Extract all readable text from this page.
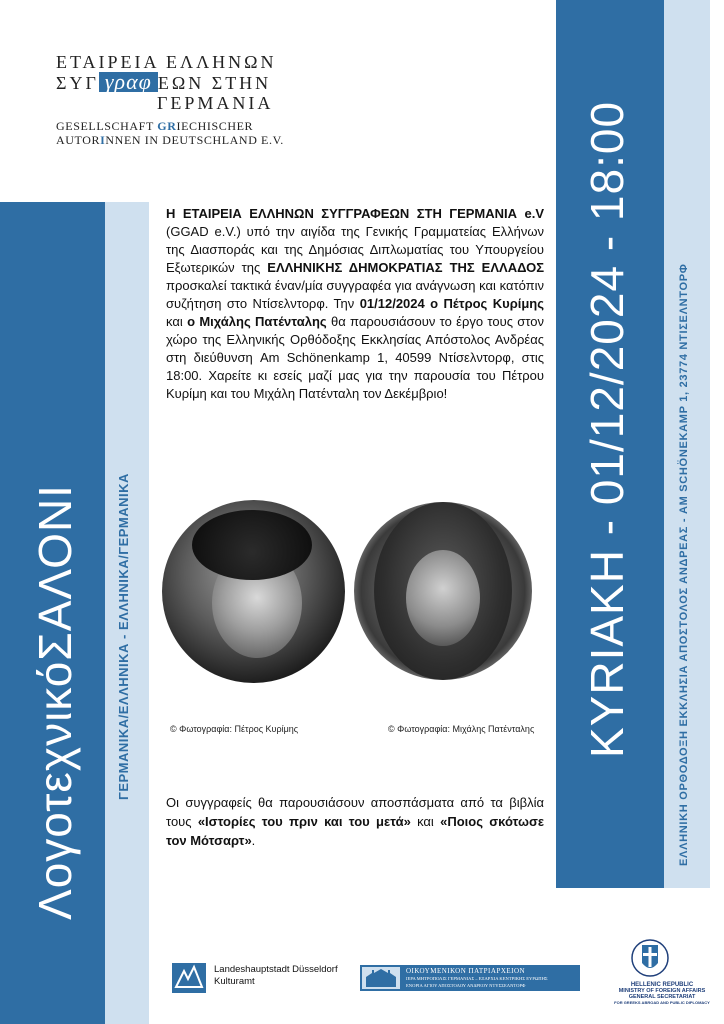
ΕΤΑΙΡΕΙΑ ΕΛΛΗΝΩΝ
ΣΥΓ γραφ ΕΩΝ ΣΤΗΝ
ΓΕΡΜΑΝΙΑ
GESELLSCHAFT GRIECHISCHER
AUTORINNEN IN DEUTSCHLAND E.V.
ΛογοτεχνικόΣΑΛΟΝΙ	ΓΕΡΜΑΝΙΚΑ/ΕΛΛΗΝΙΚΑ - ΕΛΛΗΝΙΚΑ/ΓΕΡΜΑΝΙΚΑ	ΚΥRΙΑΚΗ - 01/12/2024 - 18:00	ΕΛΛΗΝΙΚΗ ΟΡΘΟΔΟΞΗ ΕΚΚΛΗΣΙΑ ΑΠΟΣΤΟΛΟΣ ΑΝΔΡΕΑΣ - AM SCHÖNEKAMP 1, 23774 ΝΤΙΣΕΛΝΤΟΡΦ
Η ΕΤΑΙΡΕΙΑ ΕΛΛΗΝΩΝ ΣΥΓΓΡΑΦΕΩΝ ΣΤΗ ΓΕΡΜΑΝΙΑ e.V (GGAD e.V.) υπό την αιγίδα της Γενικής Γραμματείας Ελλήνων της Διασποράς και της Δημόσιας Διπλωματίας του Υπουργείου Εξωτερικών της ΕΛΛΗΝΙΚΗΣ ΔΗΜΟΚΡΑΤΙΑΣ ΤΗΣ ΕΛΛΑΔΟΣ προσκαλεί τακτικά έναν/μία συγγραφέα για ανάγνωση και κατόπιν συζήτηση στο Ντίσελντορφ. Την 01/12/2024 ο Πέτρος Κυρίμης και ο Μιχάλης Πατένταλης θα παρουσιάσουν το έργο τους στον χώρο της Ελληνικής Ορθόδοξης Εκκλησίας Απόστολος Ανδρέας στη διεύθυνση Am Schönenkamp 1, 40599 Ντίσελντορφ, στις 18:00. Χαρείτε κι εσείς μαζί μας για την παρουσία του Πέτρου Κυρίμη και του Μιχάλη Πατένταλη τον Δεκέμβριο!
© Φωτογραφία: Πέτρος Κυρίμης	© Φωτογραφία: Μιχάλης Πατένταλης
Οι συγγραφείς θα παρουσιάσουν αποσπάσματα από τα βιβλία τους «Ιστορίες του πριν και του μετά» και «Ποιος σκότωσε τον Μότσαρτ».
Landeshauptstadt Düsseldorf
Kulturamt
ΟΙΚΟΥΜΕΝΙΚΟΝ ΠΑΤΡΙΑΡΧΕΙΟΝ
ΙΕΡΑ ΜΗΤΡΟΠΟΛΙΣ ΓΕΡΜΑΝΙΑΣ – ΕΞΑΡΧΙΑ ΚΕΝΤΡΙΚΗΣ ΕΥΡΩΠΗΣ
ΕΝΟΡΙΑ ΑΓΙΟΥ ΑΠΟΣΤΟΛΟΥ ΑΝΔΡΕΟΥ ΝΤΥΣΣΕΛΝΤΟΡΦ	HELLENIC REPUBLIC
MINISTRY OF FOREIGN AFFAIRS
GENERAL SECRETARIAT
FOR GREEKS ABROAD AND PUBLIC DIPLOMACY
